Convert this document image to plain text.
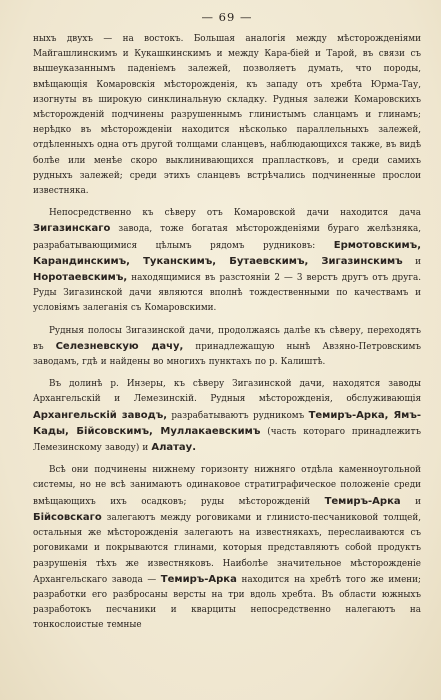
— 69 —

ныхъ двухъ — на востокъ. Большая аналогія между мѣсторожденіями Майгашлинскимъ и Кукашкинскимъ и между Кара-біей и Тарой, въ связи съ вышеуказаннымъ паденіемъ залежей, позволяетъ думать, что породы, вмѣщающія Комаровскія мѣсторожденія, къ западу отъ хребта Юрма-Тау, изогнуты въ широкую синклинальную складку. Рудныя залежи Комаровскихъ мѣсторожденій подчинены разрушеннымъ глинистымъ сланцамъ и глинамъ; нерѣдко въ мѣсторожденіи находится нѣсколько параллельныхъ залежей, отдѣленныхъ одна отъ другой толщами сланцевъ, наблюдающихся также, въ видѣ болѣе или менѣе скоро выклинивающихся прапластковъ, и среди самихъ рудныхъ залежей; среди этихъ сланцевъ встрѣчались подчиненные прослои известняка.

Непосредственно къ сѣверу отъ Комаровской дачи находится дача Зигазинскаго завода, тоже богатая мѣсторожденіями бураго желѣзняка, разрабатывающимися цѣлымъ рядомъ рудниковъ: Ермотовскимъ, Карандинскимъ, Туканскимъ, Бутаевскимъ, Зигазинскимъ и Норотаевскимъ, находящимися въ разстояніи 2 — 3 верстъ другъ отъ друга. Руды Зигазинской дачи являются вполнѣ тождественными по качествамъ и условіямъ залеганія съ Комаровскими.

Рудныя полосы Зигазинской дачи, продолжаясь далѣе къ сѣверу, переходятъ въ Селезневскую дачу, принадлежащую нынѣ Авзяно-Петровскимъ заводамъ, гдѣ и найдены во многихъ пунктахъ по р. Калиштѣ.

Въ долинѣ р. Инзеры, къ сѣверу Зигазинской дачи, находятся заводы Архангельскій и Лемезинскій. Рудныя мѣсторожденія, обслуживающія Архангельскій заводъ, разрабатываютъ рудникомъ Темиръ-Арка, Ямъ-Кады, Бійсовскимъ, Муллакаевскимъ (часть котораго принадлежитъ Лемезинскому заводу) и Алатау.

Всѣ они подчинены нижнему горизонту нижняго отдѣла каменноугольной системы, но не всѣ занимаютъ одинаковое стратиграфическое положеніе среди вмѣщающихъ ихъ осадковъ; руды мѣсторожденій Темиръ-Арка и Бійсовскаго залегаютъ между роговиками и глинисто-песчаниковой толщей, остальныя же мѣсторожденія залегаютъ на известнякахъ, переслаиваются съ роговиками и покрываются глинами, которыя представляютъ собой продуктъ разрушенія тѣхъ же известняковъ. Наиболѣе значительное мѣсторожденіе Архангельскаго завода — Темиръ-Арка находится на хребтѣ того же имени; разработки его разбросаны версты на три вдоль хребта. Въ области южныхъ разработокъ песчаники и кварциты непосредственно налегаютъ на тонкослоистые темные
